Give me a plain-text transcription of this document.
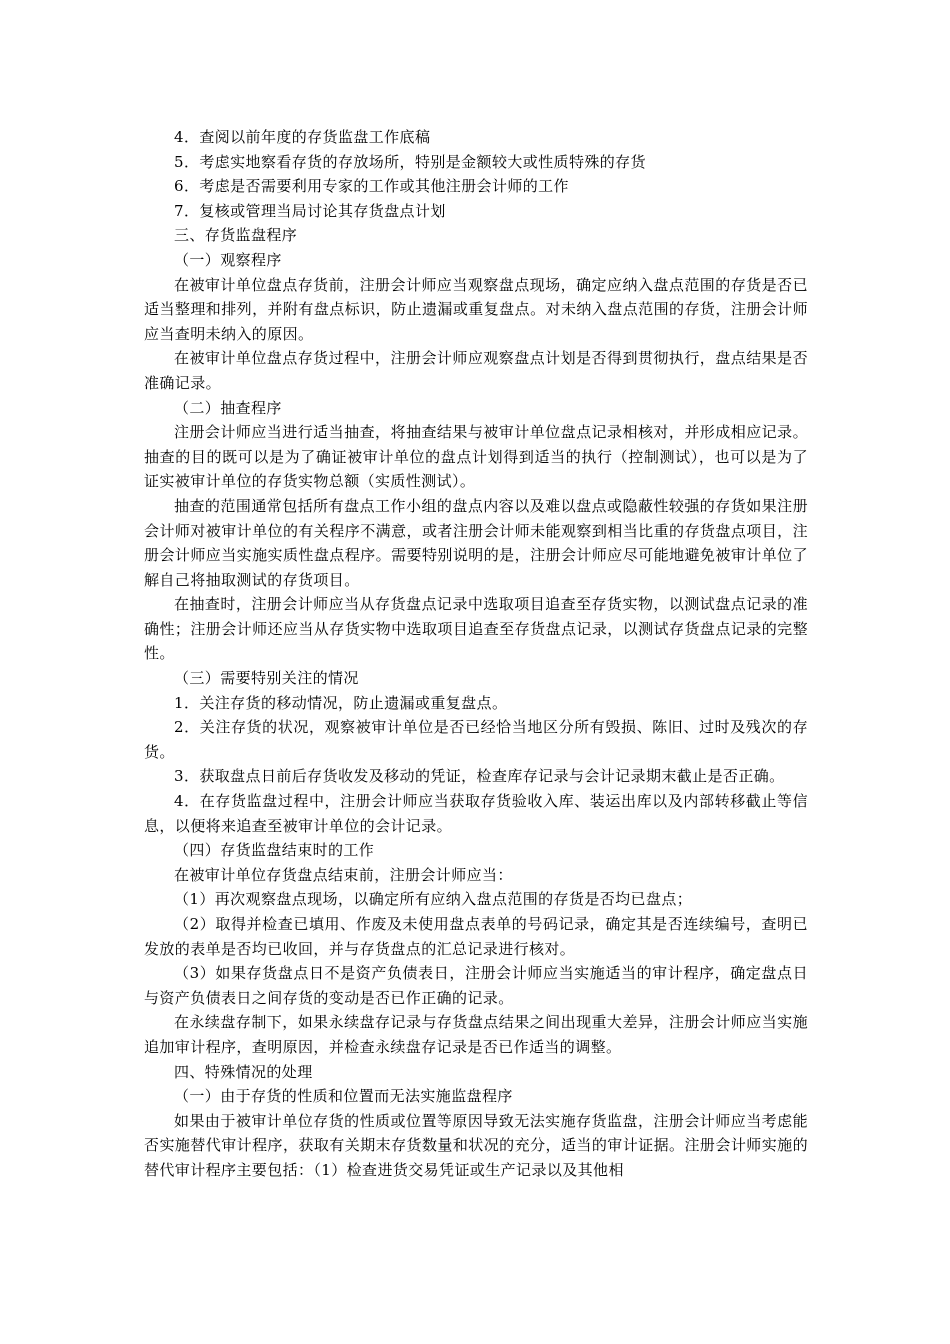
4．查阅以前年度的存货监盘工作底稿

5．考虑实地察看存货的存放场所，特别是金额较大或性质特殊的存货

6．考虑是否需要利用专家的工作或其他注册会计师的工作

7．复核或管理当局讨论其存货盘点计划

三、存货监盘程序

（一）观察程序

在被审计单位盘点存货前，注册会计师应当观察盘点现场，确定应纳入盘点范围的存货是否已适当整理和排列，并附有盘点标识，防止遗漏或重复盘点。对未纳入盘点范围的存货，注册会计师应当查明未纳入的原因。

在被审计单位盘点存货过程中，注册会计师应观察盘点计划是否得到贯彻执行，盘点结果是否准确记录。

（二）抽查程序

注册会计师应当进行适当抽查，将抽查结果与被审计单位盘点记录相核对，并形成相应记录。抽查的目的既可以是为了确证被审计单位的盘点计划得到适当的执行（控制测试），也可以是为了证实被审计单位的存货实物总额（实质性测试）。

抽查的范围通常包括所有盘点工作小组的盘点内容以及难以盘点或隐蔽性较强的存货如果注册会计师对被审计单位的有关程序不满意，或者注册会计师未能观察到相当比重的存货盘点项目，注册会计师应当实施实质性盘点程序。需要特别说明的是，注册会计师应尽可能地避免被审计单位了解自己将抽取测试的存货项目。

在抽查时，注册会计师应当从存货盘点记录中选取项目追查至存货实物，以测试盘点记录的准确性；注册会计师还应当从存货实物中选取项目追查至存货盘点记录，以测试存货盘点记录的完整性。

（三）需要特别关注的情况

1．关注存货的移动情况，防止遗漏或重复盘点。

2．关注存货的状况，观察被审计单位是否已经恰当地区分所有毁损、陈旧、过时及残次的存货。

3．获取盘点日前后存货收发及移动的凭证，检查库存记录与会计记录期末截止是否正确。

4．在存货监盘过程中，注册会计师应当获取存货验收入库、装运出库以及内部转移截止等信息，以便将来追查至被审计单位的会计记录。

（四）存货监盘结束时的工作

在被审计单位存货盘点结束前，注册会计师应当：

（1）再次观察盘点现场，以确定所有应纳入盘点范围的存货是否均已盘点；

（2）取得并检查已填用、作废及未使用盘点表单的号码记录，确定其是否连续编号，查明已发放的表单是否均已收回，并与存货盘点的汇总记录进行核对。

（3）如果存货盘点日不是资产负债表日，注册会计师应当实施适当的审计程序，确定盘点日与资产负债表日之间存货的变动是否已作正确的记录。

在永续盘存制下，如果永续盘存记录与存货盘点结果之间出现重大差异，注册会计师应当实施追加审计程序，查明原因，并检查永续盘存记录是否已作适当的调整。

四、特殊情况的处理

（一）由于存货的性质和位置而无法实施监盘程序

如果由于被审计单位存货的性质或位置等原因导致无法实施存货监盘，注册会计师应当考虑能否实施替代审计程序，获取有关期末存货数量和状况的充分，适当的审计证据。注册会计师实施的替代审计程序主要包括：（1）检查进货交易凭证或生产记录以及其他相
